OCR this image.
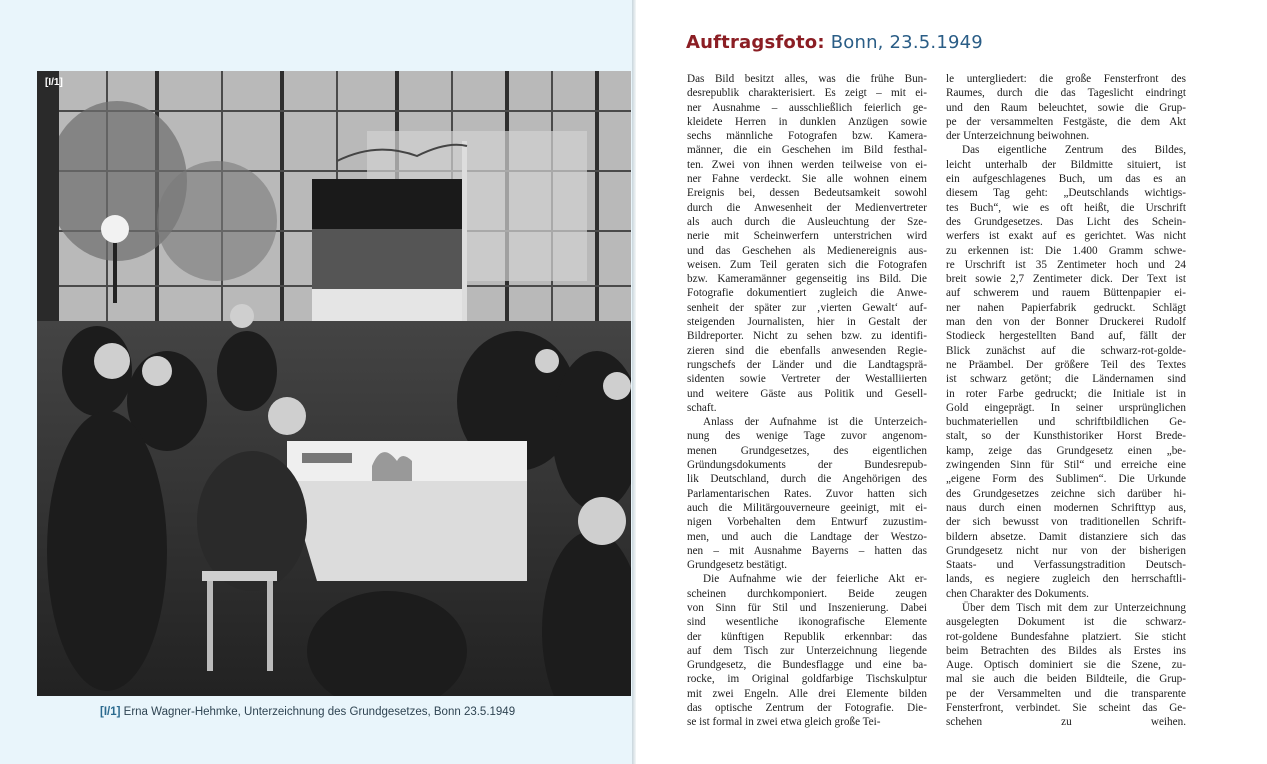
[I/1]
[I/1] Erna Wagner-Hehmke, Unterzeichnung des Grundgesetzes, Bonn 23.5.1949
Auftragsfoto: Bonn, 23.5.1949
Das Bild besitzt alles, was die frühe Bun-
desrepublik charakterisiert. Es zeigt – mit ei-
ner Ausnahme – ausschließlich feierlich ge-
kleidete Herren in dunklen Anzügen sowie
sechs männliche Fotografen bzw. Kamera-
männer, die ein Geschehen im Bild festhal-
ten. Zwei von ihnen werden teilweise von ei-
ner Fahne verdeckt. Sie alle wohnen einem
Ereignis bei, dessen Bedeutsamkeit sowohl
durch die Anwesenheit der Medienvertreter
als auch durch die Ausleuchtung der Sze-
nerie mit Scheinwerfern unterstrichen wird
und das Geschehen als Medienereignis aus-
weisen. Zum Teil geraten sich die Fotografen
bzw. Kameramänner gegenseitig ins Bild. Die
Fotografie dokumentiert zugleich die Anwe-
senheit der später zur ‚vierten Gewalt‘ auf-
steigenden Journalisten, hier in Gestalt der
Bildreporter. Nicht zu sehen bzw. zu identifi-
zieren sind die ebenfalls anwesenden Regie-
rungschefs der Länder und die Landtagsprä-
sidenten sowie Vertreter der Westalliierten
und weitere Gäste aus Politik und Gesell-
schaft.
Anlass der Aufnahme ist die Unterzeich-
nung des wenige Tage zuvor angenom-
menen Grundgesetzes, des eigentlichen
Gründungsdokuments der Bundesrepub-
lik Deutschland, durch die Angehörigen des
Parlamentarischen Rates. Zuvor hatten sich
auch die Militärgouverneure geeinigt, mit ei-
nigen Vorbehalten dem Entwurf zuzustim-
men, und auch die Landtage der Westzo-
nen – mit Ausnahme Bayerns – hatten das
Grundgesetz bestätigt.
Die Aufnahme wie der feierliche Akt er-
scheinen durchkomponiert. Beide zeugen
von Sinn für Stil und Inszenierung. Dabei
sind wesentliche ikonografische Elemente
der künftigen Republik erkennbar: das
auf dem Tisch zur Unterzeichnung liegende
Grundgesetz, die Bundesflagge und eine ba-
rocke, im Original goldfarbige Tischskulptur
mit zwei Engeln. Alle drei Elemente bilden
das optische Zentrum der Fotografie. Die-
se ist formal in zwei etwa gleich große Tei-
le untergliedert: die große Fensterfront des
Raumes, durch die das Tageslicht eindringt
und den Raum beleuchtet, sowie die Grup-
pe der versammelten Festgäste, die dem Akt
der Unterzeichnung beiwohnen.
Das eigentliche Zentrum des Bildes,
leicht unterhalb der Bildmitte situiert, ist
ein aufgeschlagenes Buch, um das es an
diesem Tag geht: „Deutschlands wichtigs-
tes Buch“, wie es oft heißt, die Urschrift
des Grundgesetzes. Das Licht des Schein-
werfers ist exakt auf es gerichtet. Was nicht
zu erkennen ist: Die 1.400 Gramm schwe-
re Urschrift ist 35 Zentimeter hoch und 24
breit sowie 2,7 Zentimeter dick. Der Text ist
auf schwerem und rauem Büttenpapier ei-
ner nahen Papierfabrik gedruckt. Schlägt
man den von der Bonner Druckerei Rudolf
Stodieck hergestellten Band auf, fällt der
Blick zunächst auf die schwarz-rot-golde-
ne Präambel. Der größere Teil des Textes
ist schwarz getönt; die Ländernamen sind
in roter Farbe gedruckt; die Initiale ist in
Gold eingeprägt. In seiner ursprünglichen
buchmateriellen und schriftbildlichen Ge-
stalt, so der Kunsthistoriker Horst Brede-
kamp, zeige das Grundgesetz einen „be-
zwingenden Sinn für Stil“ und erreiche eine
„eigene Form des Sublimen“. Die Urkunde
des Grundgesetzes zeichne sich darüber hi-
naus durch einen modernen Schrifttyp aus,
der sich bewusst von traditionellen Schrift-
bildern absetze. Damit distanziere sich das
Grundgesetz nicht nur von der bisherigen
Staats- und Verfassungstradition Deutsch-
lands, es negiere zugleich den herrschaftli-
chen Charakter des Dokuments.
Über dem Tisch mit dem zur Unterzeichnung
ausgelegten Dokument ist die schwarz-
rot-goldene Bundesfahne platziert. Sie sticht
beim Betrachten des Bildes als Erstes ins
Auge. Optisch dominiert sie die Szene, zu-
mal sie auch die beiden Bildteile, die Grup-
pe der Versammelten und die transparente
Fensterfront, verbindet. Sie scheint das Ge-
schehen zu weihen.
